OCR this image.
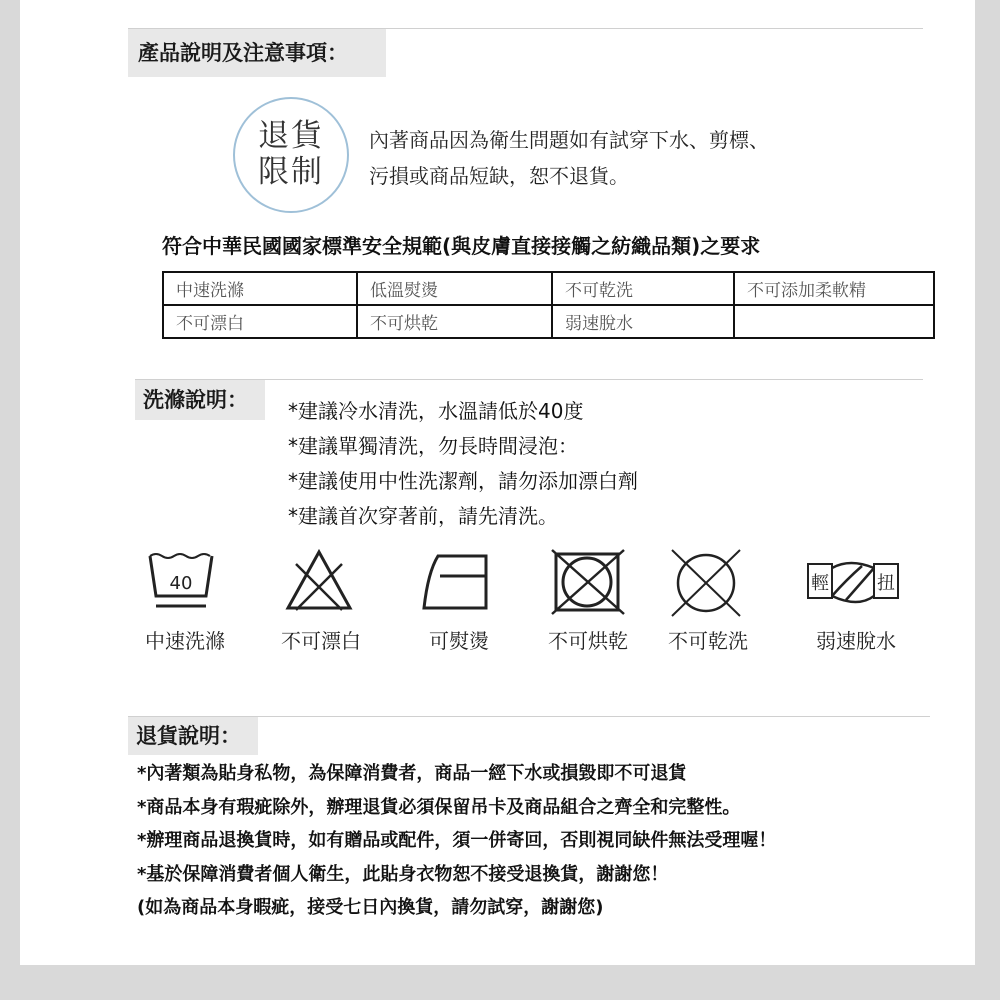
產品說明及注意事項：
退貨
限制
內著商品因為衛生問題如有試穿下水、剪標、
污損或商品短缺，恕不退貨。
符合中華民國國家標準安全規範(與皮膚直接接觸之紡織品類)之要求
中速洗滌	低溫熨燙	不可乾洗	不可添加柔軟精
不可漂白	不可烘乾	弱速脫水	
洗滌說明：	*建議冷水清洗，水溫請低於40度
*建議單獨清洗，勿長時間浸泡：
*建議使用中性洗潔劑，請勿添加漂白劑
*建議首次穿著前，請先清洗。
40	輕	扭
中速洗滌	不可漂白	可熨燙	不可烘乾 不可乾洗	弱速脫水
退貨說明：
*內著類為貼身私物，為保障消費者，商品一經下水或損毀即不可退貨
*商品本身有瑕疵除外，辦理退貨必須保留吊卡及商品組合之齊全和完整性。
*辦理商品退換貨時，如有贈品或配件，須一併寄回，否則視同缺件無法受理喔！
*基於保障消費者個人衛生，此貼身衣物恕不接受退換貨，謝謝您！
(如為商品本身暇疵，接受七日內換貨，請勿試穿，謝謝您)
